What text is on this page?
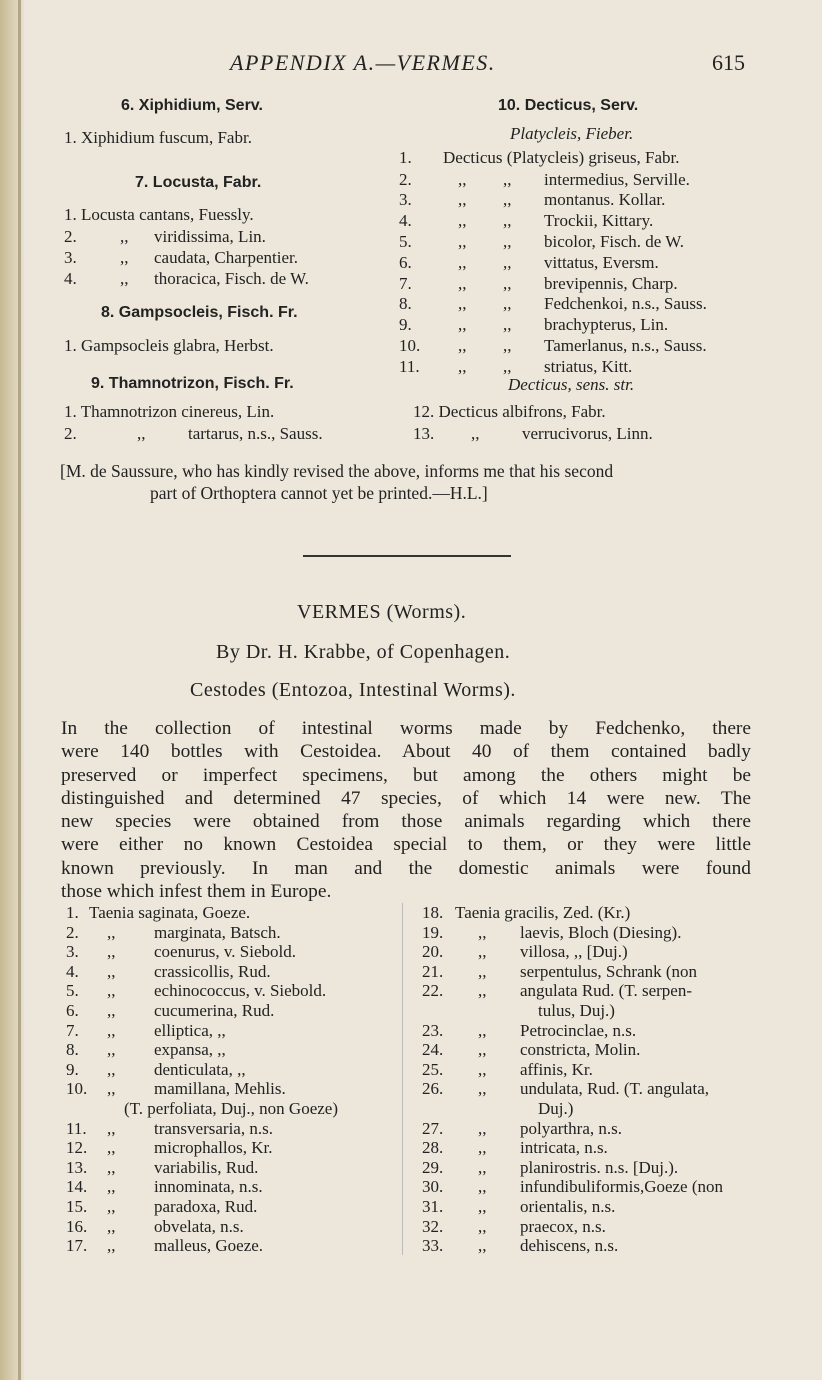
APPENDIX A.—VERMES.	615
6. Xiphidium, Serv.
1. Xiphidium fuscum, Fabr.
7. Locusta, Fabr.
1. Locusta cantans, Fuessly.
2.	,, viridissima, Lin.
3.	,, caudata, Charpentier.
4.	,, thoracica, Fisch. de W.
8. Gampsocleis, Fisch. Fr.
1. Gampsocleis glabra, Herbst.
9. Thamnotrizon, Fisch. Fr.
1. Thamnotrizon cinereus, Lin.
2.	,,	tartarus, n.s., Sauss.
10. Decticus, Serv.
Platycleis, Fieber.
1. Decticus (Platycleis) griseus, Fabr.
2.	,, ,, intermedius, Serville.
3.	,, ,, montanus. Kollar.
4.	,, ,, Trockii, Kittary.
5.	,, ,, bicolor, Fisch. de W.
6.	,, ,, vittatus, Eversm.
7.	,, ,, brevipennis, Charp.
8.	,, ,, Fedchenkoi, n.s., Sauss.
9.	,, ,, brachypterus, Lin.
10. ,, ,, Tamerlanus, n.s., Sauss.
11. ,, ,, striatus, Kitt.
Decticus, sens. str.
12. Decticus albifrons, Fabr.
13. ,,	verrucivorus, Linn.
[M. de Saussure, who has kindly revised the above, informs me that his second
part of Orthoptera cannot yet be printed.—H.L.]
VERMES (Worms).
By Dr. H. Krabbe, of Copenhagen.
Cestodes (Entozoa, Intestinal Worms).
In the collection of intestinal worms made by Fedchenko, there
were 140 bottles with Cestoidea. About 40 of them contained badly
preserved or imperfect specimens, but among the others might be
distinguished and determined 47 species, of which 14 were new. The
new species were obtained from those animals regarding which there
were either no known Cestoidea special to them, or they were little
known previously. In man and the domestic animals were found
those which infest them in Europe.
1. Taenia saginata, Goeze.
2. ,, marginata, Batsch.
3. ,, coenurus, v. Siebold.
4. ,, crassicollis, Rud.
5. ,, echinococcus, v. Siebold.
6. ,, cucumerina, Rud.
7. ,, elliptica, ,,
8. ,, expansa, ,,
9. ,, denticulata, ,,
10. ,, mamillana, Mehlis.
(T. perfoliata, Duj., non Goeze)
11. ,, transversaria, n.s.
12. ,, microphallos, Kr.
13. ,, variabilis, Rud.
14. ,, innominata, n.s.
15. ,, paradoxa, Rud.
16. ,, obvelata, n.s.
17. ,, malleus, Goeze.
18. Taenia gracilis, Zed. (Kr.)
19. ,, laevis, Bloch (Diesing).
20. ,, villosa, ,, [Duj.)
21. ,, serpentulus, Schrank (non
22. ,, angulata Rud. (T. serpen-
tulus, Duj.)
23. ,, Petrocinclae, n.s.
24. ,, constricta, Molin.
25. ,, affinis, Kr.
26. ,, undulata, Rud. (T. angulata,
Duj.)
27. ,, polyarthra, n.s.
28. ,, intricata, n.s.
29. ,, planirostris. n.s. [Duj.).
30. ,, infundibuliformis,Goeze (non
31. ,, orientalis, n.s.
32. ,, praecox, n.s.
33. ,, dehiscens, n.s.
